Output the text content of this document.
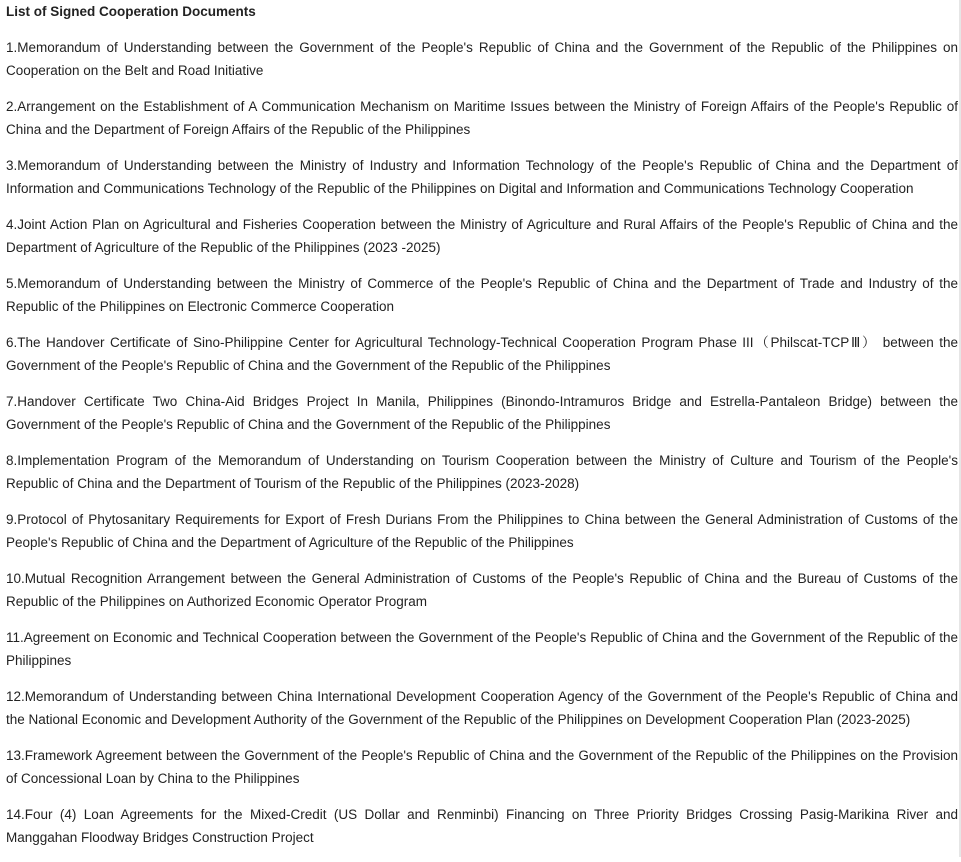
List of Signed Cooperation Documents
1.Memorandum of Understanding between the Government of the People's Republic of China and the Government of the Republic of the Philippines on Cooperation on the Belt and Road Initiative
2.Arrangement on the Establishment of A Communication Mechanism on Maritime Issues between the Ministry of Foreign Affairs of the People's Republic of China and the Department of Foreign Affairs of the Republic of the Philippines
3.Memorandum of Understanding between the Ministry of Industry and Information Technology of the People's Republic of China and the Department of Information and Communications Technology of the Republic of the Philippines on Digital and Information and Communications Technology Cooperation
4.Joint Action Plan on Agricultural and Fisheries Cooperation between the Ministry of Agriculture and Rural Affairs of the People's Republic of China and the Department of Agriculture of the Republic of the Philippines (2023 -2025)
5.Memorandum of Understanding between the Ministry of Commerce of the People's Republic of China and the Department of Trade and Industry of the Republic of the Philippines on Electronic Commerce Cooperation
6.The Handover Certificate of Sino-Philippine Center for Agricultural Technology-Technical Cooperation Program Phase III（Philscat-TCPⅢ） between the Government of the People's Republic of China and the Government of the Republic of the Philippines
7.Handover Certificate Two China-Aid Bridges Project In Manila, Philippines (Binondo-Intramuros Bridge and Estrella-Pantaleon Bridge) between the Government of the People's Republic of China and the Government of the Republic of the Philippines
8.Implementation Program of the Memorandum of Understanding on Tourism Cooperation between the Ministry of Culture and Tourism of the People's Republic of China and the Department of Tourism of the Republic of the Philippines (2023-2028)
9.Protocol of Phytosanitary Requirements for Export of Fresh Durians From the Philippines to China between the General Administration of Customs of the People's Republic of China and the Department of Agriculture of the Republic of the Philippines
10.Mutual Recognition Arrangement between the General Administration of Customs of the People's Republic of China and the Bureau of Customs of the Republic of the Philippines on Authorized Economic Operator Program
11.Agreement on Economic and Technical Cooperation between the Government of the People's Republic of China and the Government of the Republic of the Philippines
12.Memorandum of Understanding between China International Development Cooperation Agency of the Government of the People's Republic of China and the National Economic and Development Authority of the Government of the Republic of the Philippines on Development Cooperation Plan (2023-2025)
13.Framework Agreement between the Government of the People's Republic of China and the Government of the Republic of the Philippines on the Provision of Concessional Loan by China to the Philippines
14.Four (4) Loan Agreements for the Mixed-Credit (US Dollar and Renminbi) Financing on Three Priority Bridges Crossing Pasig-Marikina River and Manggahan Floodway Bridges Construction Project
